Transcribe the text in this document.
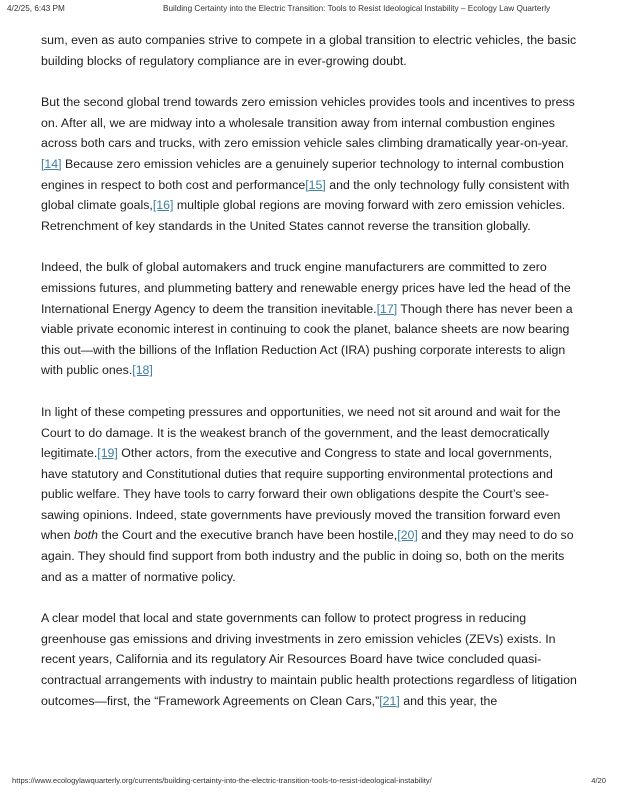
4/2/25, 6:43 PM	Building Certainty into the Electric Transition: Tools to Resist Ideological Instability – Ecology Law Quarterly

sum, even as auto companies strive to compete in a global transition to electric vehicles, the basic building blocks of regulatory compliance are in ever-growing doubt.

But the second global trend towards zero emission vehicles provides tools and incentives to press on. After all, we are midway into a wholesale transition away from internal combustion engines across both cars and trucks, with zero emission vehicle sales climbing dramatically year-on-year.[14] Because zero emission vehicles are a genuinely superior technology to internal combustion engines in respect to both cost and performance[15] and the only technology fully consistent with global climate goals,[16] multiple global regions are moving forward with zero emission vehicles. Retrenchment of key standards in the United States cannot reverse the transition globally.

Indeed, the bulk of global automakers and truck engine manufacturers are committed to zero emissions futures, and plummeting battery and renewable energy prices have led the head of the International Energy Agency to deem the transition inevitable.[17] Though there has never been a viable private economic interest in continuing to cook the planet, balance sheets are now bearing this out—with the billions of the Inflation Reduction Act (IRA) pushing corporate interests to align with public ones.[18]

In light of these competing pressures and opportunities, we need not sit around and wait for the Court to do damage. It is the weakest branch of the government, and the least democratically legitimate.[19] Other actors, from the executive and Congress to state and local governments, have statutory and Constitutional duties that require supporting environmental protections and public welfare. They have tools to carry forward their own obligations despite the Court’s see-sawing opinions. Indeed, state governments have previously moved the transition forward even when both the Court and the executive branch have been hostile,[20] and they may need to do so again. They should find support from both industry and the public in doing so, both on the merits and as a matter of normative policy.

A clear model that local and state governments can follow to protect progress in reducing greenhouse gas emissions and driving investments in zero emission vehicles (ZEVs) exists. In recent years, California and its regulatory Air Resources Board have twice concluded quasi-contractual arrangements with industry to maintain public health protections regardless of litigation outcomes—first, the “Framework Agreements on Clean Cars,”[21] and this year, the

https://www.ecologylawquarterly.org/currents/building-certainty-into-the-electric-transition-tools-to-resist-ideological-instability/	4/20
